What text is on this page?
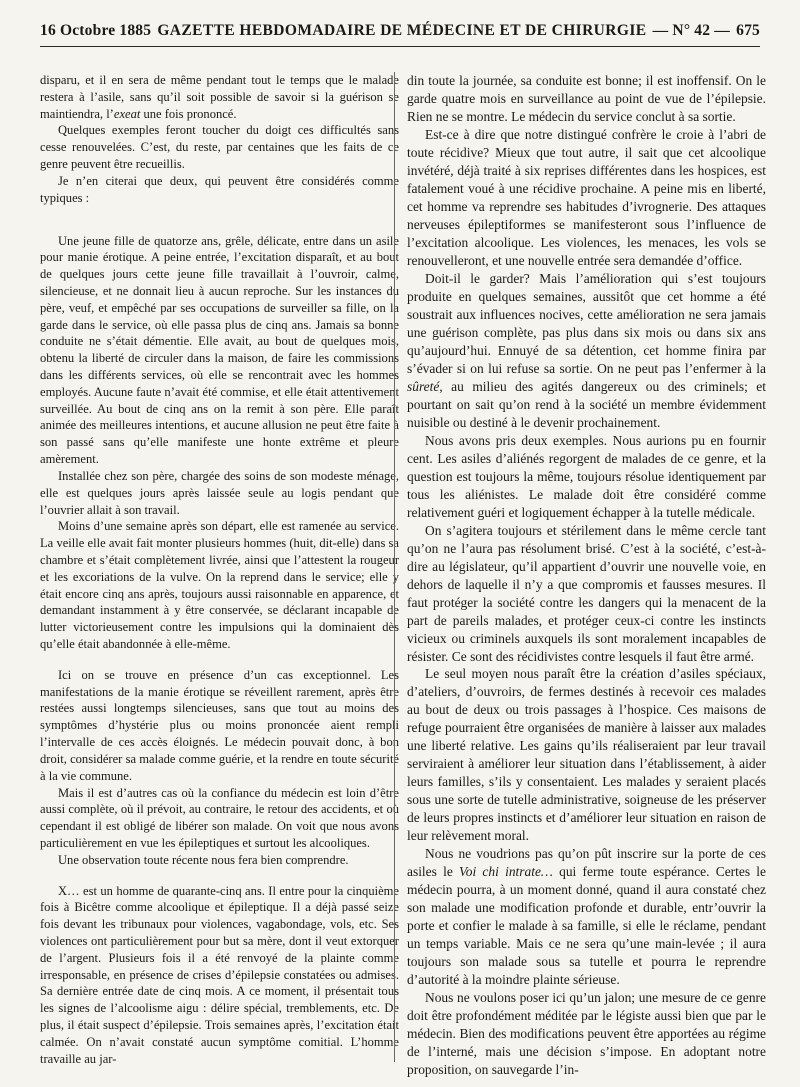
16 Octobre 1885 GAZETTE HEBDOMADAIRE DE MÉDECINE ET DE CHIRURGIE — N° 42 — 675

disparu, et il en sera de même pendant tout le temps que le malade restera à l’asile, sans qu’il soit possible de savoir si la guérison se maintiendra, l’exeat une fois prononcé.

Quelques exemples feront toucher du doigt ces difficultés sans cesse renouvelées. C’est, du reste, par centaines que les faits de ce genre peuvent être recueillis.

Je n’en citerai que deux, qui peuvent être considérés comme typiques :

Une jeune fille de quatorze ans, grêle, délicate, entre dans un asile pour manie érotique. A peine entrée, l’excitation disparaît, et au bout de quelques jours cette jeune fille travaillait à l’ouvroir, calme, silencieuse, et ne donnait lieu à aucun reproche. Sur les instances du père, veuf, et empêché par ses occupations de surveiller sa fille, on la garde dans le service, où elle passa plus de cinq ans. Jamais sa bonne conduite ne s’était démentie. Elle avait, au bout de quelques mois, obtenu la liberté de circuler dans la maison, de faire les commissions dans les différents services, où elle se rencontrait avec les hommes employés. Aucune faute n’avait été commise, et elle était attentivement surveillée. Au bout de cinq ans on la remit à son père. Elle paraît animée des meilleures intentions, et aucune allusion ne peut être faite à son passé sans qu’elle manifeste une honte extrême et pleure amèrement.

Installée chez son père, chargée des soins de son modeste ménage, elle est quelques jours après laissée seule au logis pendant que l’ouvrier allait à son travail.

Moins d’une semaine après son départ, elle est ramenée au service. La veille elle avait fait monter plusieurs hommes (huit, dit-elle) dans sa chambre et s’était complètement livrée, ainsi que l’attestent la rougeur et les excoriations de la vulve. On la reprend dans le service; elle y était encore cinq ans après, toujours aussi raisonnable en apparence, et demandant instamment à y être conservée, se déclarant incapable de lutter victorieusement contre les impulsions qui la dominaient dès qu’elle était abandonnée à elle-même.

Ici on se trouve en présence d’un cas exceptionnel. Les manifestations de la manie érotique se réveillent rarement, après être restées aussi longtemps silencieuses, sans que tout au moins des symptômes d’hystérie plus ou moins prononcée aient rempli l’intervalle de ces accès éloignés. Le médecin pouvait donc, à bon droit, considérer sa malade comme guérie, et la rendre en toute sécurité à la vie commune.

Mais il est d’autres cas où la confiance du médecin est loin d’être aussi complète, où il prévoit, au contraire, le retour des accidents, et où cependant il est obligé de libérer son malade. On voit que nous avons particulièrement en vue les épileptiques et surtout les alcooliques.

Une observation toute récente nous fera bien comprendre.

X… est un homme de quarante-cinq ans. Il entre pour la cinquième fois à Bicêtre comme alcoolique et épileptique. Il a déjà passé seize fois devant les tribunaux pour violences, vagabondage, vols, etc. Ses violences ont particulièrement pour but sa mère, dont il veut extorquer de l’argent. Plusieurs fois il a été renvoyé de la plainte comme irresponsable, en présence de crises d’épilepsie constatées ou admises. Sa dernière entrée date de cinq mois. A ce moment, il présentait tous les signes de l’alcoolisme aigu : délire spécial, tremblements, etc. De plus, il était suspect d’épilepsie. Trois semaines après, l’excitation était calmée. On n’avait constaté aucun symptôme comitial. L’homme travaille au jar-

din toute la journée, sa conduite est bonne; il est inoffensif. On le garde quatre mois en surveillance au point de vue de l’épilepsie. Rien ne se montre. Le médecin du service conclut à sa sortie.

Est-ce à dire que notre distingué confrère le croie à l’abri de toute récidive? Mieux que tout autre, il sait que cet alcoolique invétéré, déjà traité à six reprises différentes dans les hospices, est fatalement voué à une récidive prochaine. A peine mis en liberté, cet homme va reprendre ses habitudes d’ivrognerie. Des attaques nerveuses épileptiformes se manifesteront sous l’influence de l’excitation alcoolique. Les violences, les menaces, les vols se renouvelleront, et une nouvelle entrée sera demandée d’office.

Doit-il le garder? Mais l’amélioration qui s’est toujours produite en quelques semaines, aussitôt que cet homme a été soustrait aux influences nocives, cette amélioration ne sera jamais une guérison complète, pas plus dans six mois ou dans six ans qu’aujourd’hui. Ennuyé de sa détention, cet homme finira par s’évader si on lui refuse sa sortie. On ne peut pas l’enfermer à la sûreté, au milieu des agités dangereux ou des criminels; et pourtant on sait qu’on rend à la société un membre évidemment nuisible ou destiné à le devenir prochainement.

Nous avons pris deux exemples. Nous aurions pu en fournir cent. Les asiles d’aliénés regorgent de malades de ce genre, et la question est toujours la même, toujours résolue identiquement par tous les aliénistes. Le malade doit être considéré comme relativement guéri et logiquement échapper à la tutelle médicale.

On s’agitera toujours et stérilement dans le même cercle tant qu’on ne l’aura pas résolument brisé. C’est à la société, c’est-à-dire au législateur, qu’il appartient d’ouvrir une nouvelle voie, en dehors de laquelle il n’y a que compromis et fausses mesures. Il faut protéger la société contre les dangers qui la menacent de la part de pareils malades, et protéger ceux-ci contre les instincts vicieux ou criminels auxquels ils sont moralement incapables de résister. Ce sont des récidivistes contre lesquels il faut être armé.

Le seul moyen nous paraît être la création d’asiles spéciaux, d’ateliers, d’ouvroirs, de fermes destinés à recevoir ces malades au bout de deux ou trois passages à l’hospice. Ces maisons de refuge pourraient être organisées de manière à laisser aux malades une liberté relative. Les gains qu’ils réaliseraient par leur travail serviraient à améliorer leur situation dans l’établissement, à aider leurs familles, s’ils y consentaient. Les malades y seraient placés sous une sorte de tutelle administrative, soigneuse de les préserver de leurs propres instincts et d’améliorer leur situation en raison de leur relèvement moral.

Nous ne voudrions pas qu’on pût inscrire sur la porte de ces asiles le Voi chi intrate… qui ferme toute espérance. Certes le médecin pourra, à un moment donné, quand il aura constaté chez son malade une modification profonde et durable, entr’ouvrir la porte et confier le malade à sa famille, si elle le réclame, pendant un temps variable. Mais ce ne sera qu’une main-levée ; il aura toujours son malade sous sa tutelle et pourra le reprendre d’autorité à la moindre plainte sérieuse.

Nous ne voulons poser ici qu’un jalon; une mesure de ce genre doit être profondément méditée par le légiste aussi bien que par le médecin. Bien des modifications peuvent être apportées au régime de l’interné, mais une décision s’impose. En adoptant notre proposition, on sauvegarde l’in-
